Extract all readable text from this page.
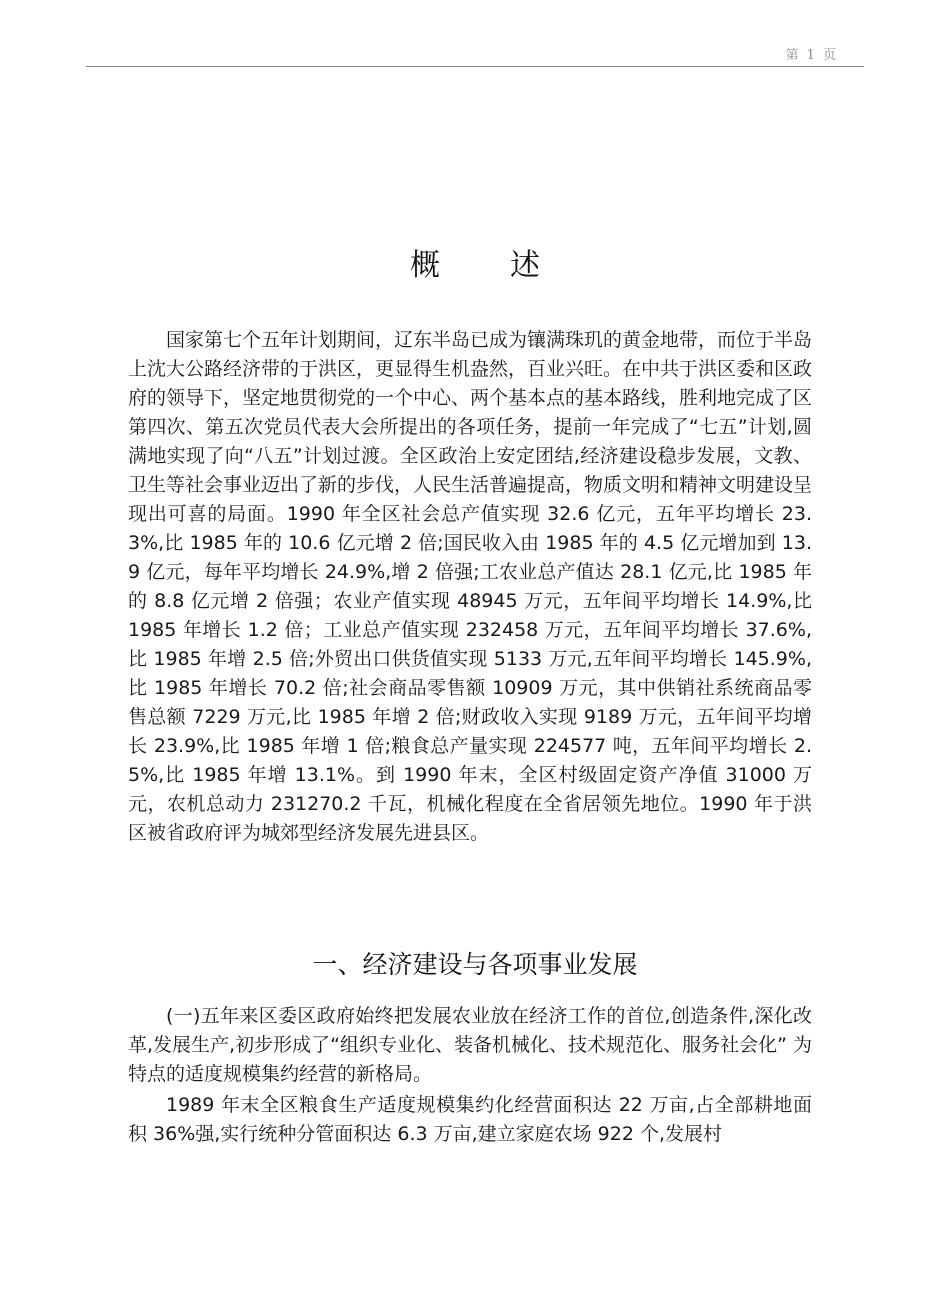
第 1 页
概述

国家第七个五年计划期间，辽东半岛已成为镶满珠玑的黄金地带，而位于半岛上沈大公路经济带的于洪区，更显得生机盎然，百业兴旺。在中共于洪区委和区政府的领导下，坚定地贯彻党的一个中心、两个基本点的基本路线，胜利地完成了区第四次、第五次党员代表大会所提出的各项任务，提前一年完成了“七五”计划,圆满地实现了向“八五”计划过渡。全区政治上安定团结,经济建设稳步发展，文教、卫生等社会事业迈出了新的步伐，人民生活普遍提高，物质文明和精神文明建设呈现出可喜的局面。1990 年全区社会总产值实现 32.6 亿元，五年平均增长 23.3%,比 1985 年的 10.6 亿元增 2 倍;国民收入由 1985 年的 4.5 亿元增加到 13.9 亿元，每年平均增长 24.9%,增 2 倍强;工农业总产值达 28.1 亿元,比 1985 年的 8.8 亿元增 2 倍强；农业产值实现 48945 万元，五年间平均增长 14.9%,比 1985 年增长 1.2 倍；工业总产值实现 232458 万元，五年间平均增长 37.6%,比 1985 年增 2.5 倍;外贸出口供货值实现 5133 万元,五年间平均增长 145.9%,比 1985 年增长 70.2 倍;社会商品零售额 10909 万元，其中供销社系统商品零售总额 7229 万元,比 1985 年增 2 倍;财政收入实现 9189 万元，五年间平均增长 23.9%,比 1985 年增 1 倍;粮食总产量实现 224577 吨，五年间平均增长 2.5%,比 1985 年增 13.1%。到 1990 年末，全区村级固定资产净值 31000 万元，农机总动力 231270.2 千瓦，机械化程度在全省居领先地位。1990 年于洪区被省政府评为城郊型经济发展先进县区。

一、经济建设与各项事业发展

(一)五年来区委区政府始终把发展农业放在经济工作的首位,创造条件,深化改革,发展生产,初步形成了“组织专业化、装备机械化、技术规范化、服务社会化” 为特点的适度规模集约经营的新格局。

1989 年末全区粮食生产适度规模集约化经营面积达 22 万亩,占全部耕地面积 36%强,实行统种分管面积达 6.3 万亩,建立家庭农场 922 个,发展村
